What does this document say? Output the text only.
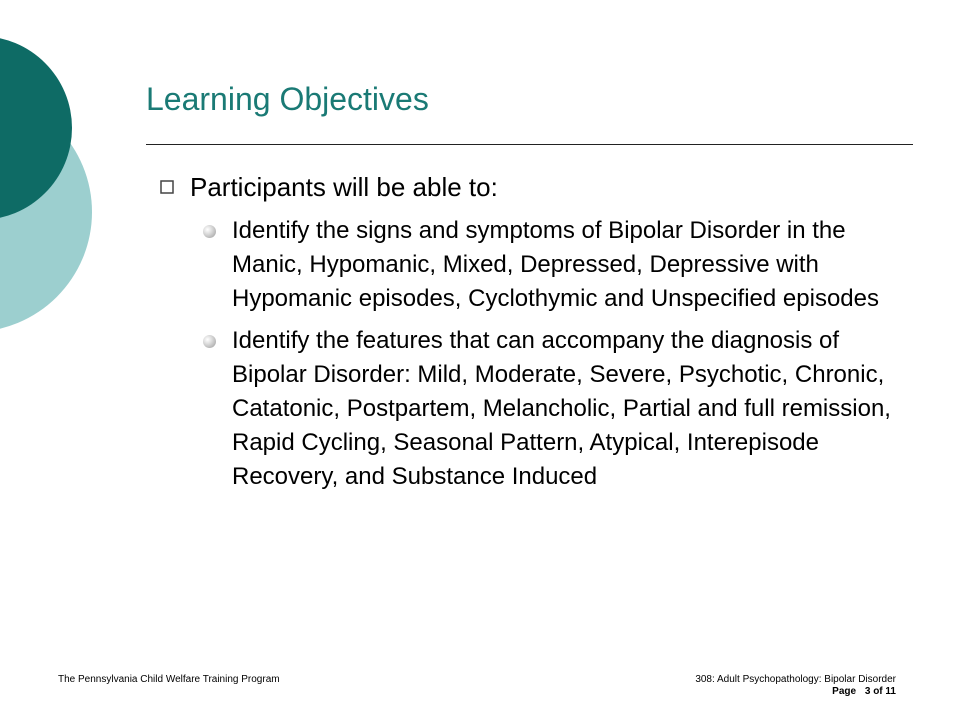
Learning Objectives
Participants will be able to:
Identify the signs and symptoms of Bipolar Disorder in the Manic, Hypomanic, Mixed, Depressed, Depressive with Hypomanic episodes, Cyclothymic and Unspecified episodes
Identify the features that can accompany the diagnosis of Bipolar Disorder: Mild, Moderate, Severe, Psychotic, Chronic, Catatonic, Postpartem, Melancholic, Partial and full remission, Rapid Cycling, Seasonal Pattern, Atypical, Interepisode Recovery, and Substance Induced
The Pennsylvania Child Welfare Training Program	308: Adult Psychopathology: Bipolar Disorder
Page 3 of 11
